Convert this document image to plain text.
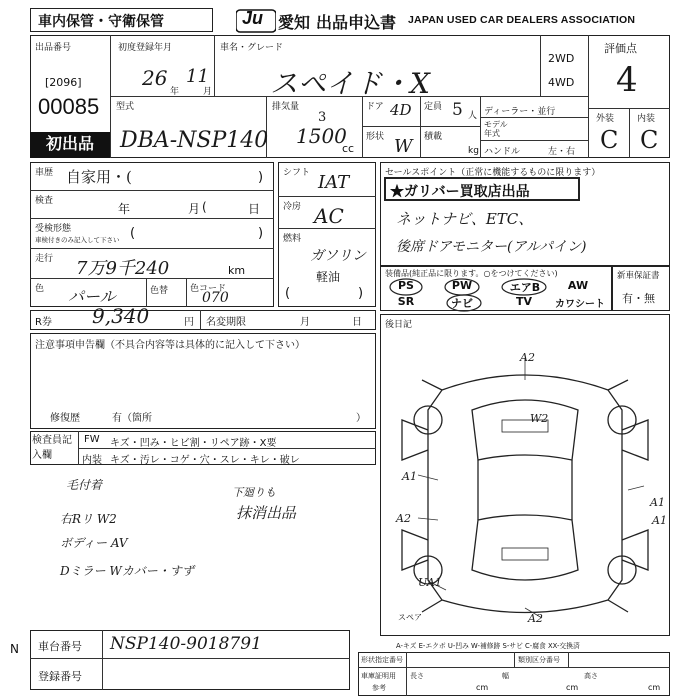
車内保管・守衛保管	Ju 愛知 出品申込書 JAPAN USED CAR DEALERS ASSOCIATION
出品番号
[2096]
00085
初出品
初度登録年月
26
年
11
月
車名・グレード
スペイド・X
2WD
4WD
評価点
4
外装	内装
C C
型式
DBA-NSP140
排気量
3
1500
cc
ドア 4D
形状 W
定員 5 人
積載
kg
ディーラー・並行
モデル年式
ハンドル	左・右
車歴 自家用・(	)
検査
年	月 (	日
受検形態
車検付きのみ記入して下さい (	)
走行 7万9千240	km
色 パール	色替 色コード
070
シフト IAT
冷房 AC
燃料
ガソリン
軽油
(	)
セールスポイント（正常に機能するものに限ります）
★ガリバー買取店出品
ネットナビ、ETC、
後席ドアモニター(アルパイン)
装備品(純正品に限ります。○をつけてください)
PS	PW	エアB	AW
SR	ナビ	TV	カワシート
新車保証書
有・無
R券 9,340	円 名変期限	月	日
注意事項申告欄（不具合内容等は具体的に記入して下さい）
修復歴	有（箇所	）
検査員記入欄
FW キズ・凹み・ヒビ割・リペア跡・X要
内装 キズ・汚レ・コゲ・穴・スレ・キレ・破レ
毛付着
右Rリ W2
ボディー AV
Dミラー Wカバー・すず
下廻りも
抹消出品
後日記
A2
W2
A1
A2
A1
A1
UA1
A2
スペア
A-キズ E-エクボ U-凹み W-補修跡 S-サビ C-腐食 XX-交換済
N 車台番号 NSP140-9018791
登録番号
形状指定番号	類別区分番号
車庫証明用
参考
長さ
cm
幅
cm
高さ
cm
